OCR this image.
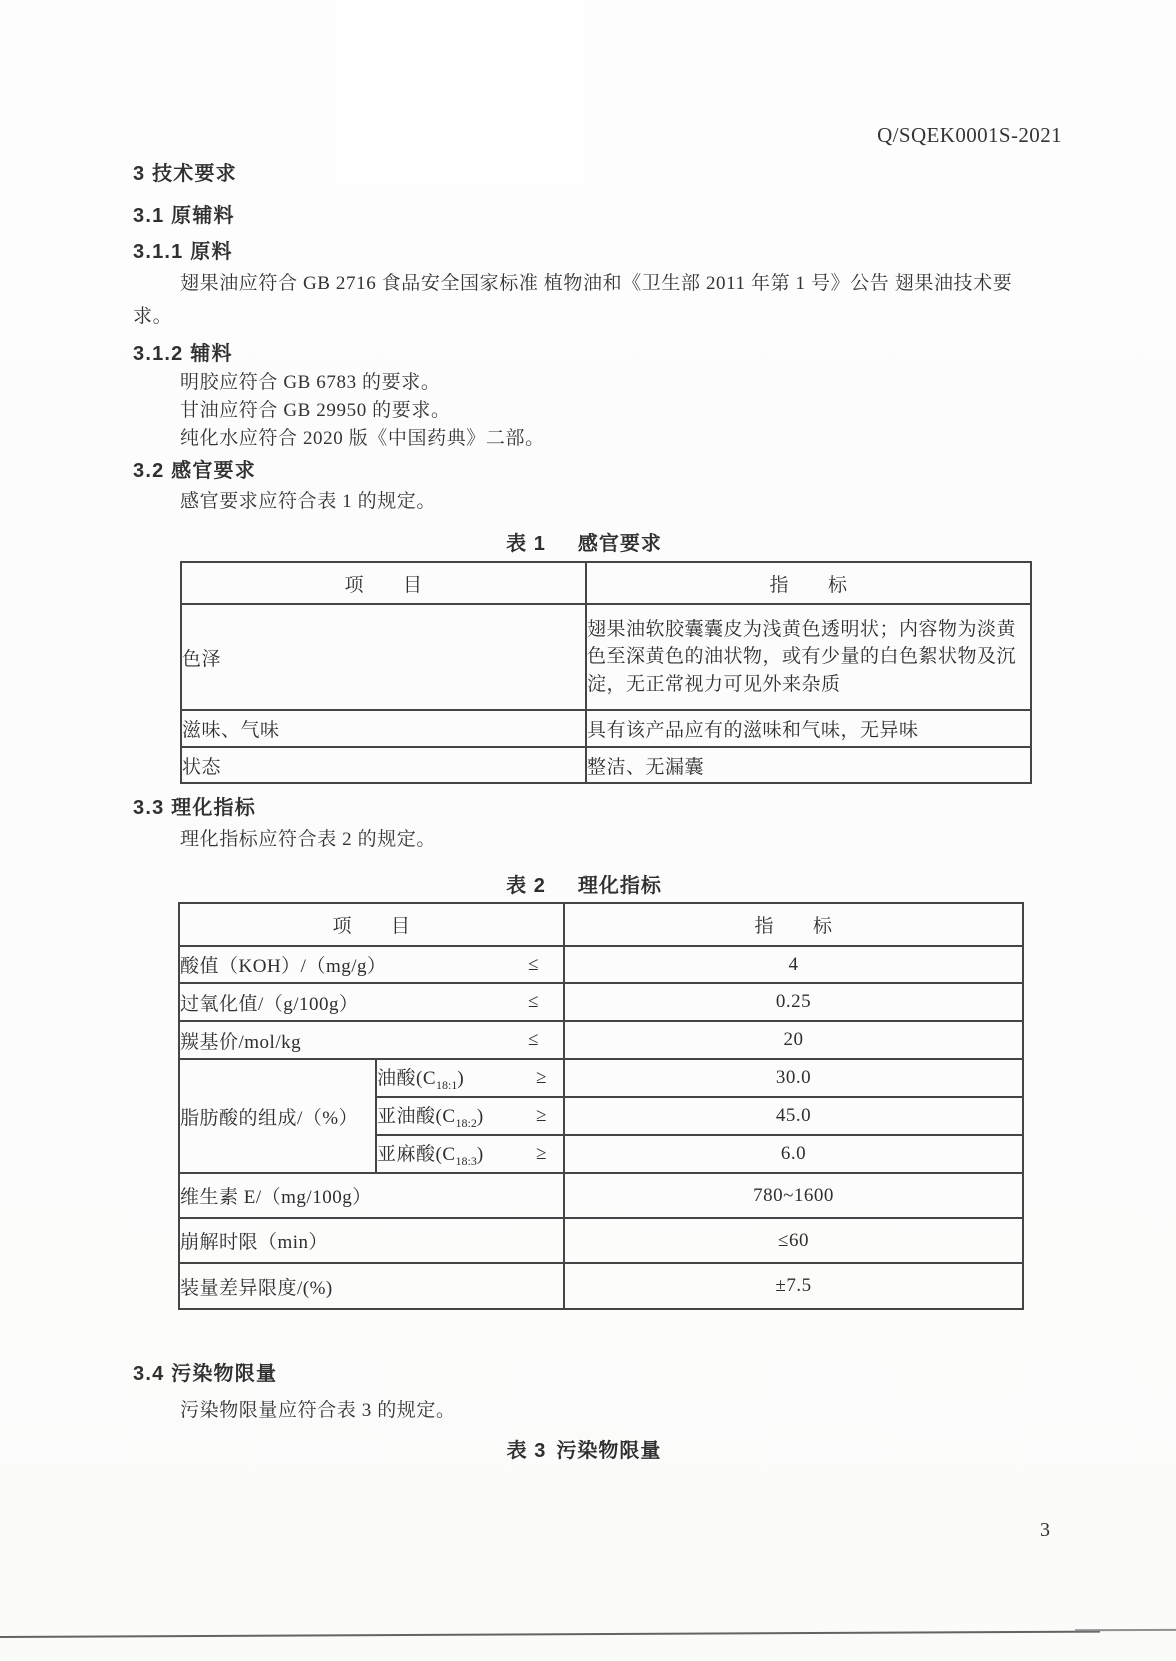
Q/SQEK0001S-2021
3 技术要求
3.1 原辅料
3.1.1 原料
翅果油应符合 GB 2716 食品安全国家标准 植物油和《卫生部 2011 年第 1 号》公告 翅果油技术要
求。
3.1.2 辅料
明胶应符合 GB 6783 的要求。
甘油应符合 GB 29950 的要求。
纯化水应符合 2020 版《中国药典》二部。
3.2 感官要求
感官要求应符合表 1 的规定。
表 1 感官要求
项　　目	指　　标
色泽	翅果油软胶囊囊皮为浅黄色透明状；内容物为淡黄色至深黄色的油状物，或有少量的白色絮状物及沉淀，无正常视力可见外来杂质
滋味、气味	具有该产品应有的滋味和气味，无异味
状态	整洁、无漏囊
3.3 理化指标
理化指标应符合表 2 的规定。
表 2 理化指标
项　　目		指　　标
酸值（KOH）/（mg/g） ≤		4
过氧化值/（g/100g） ≤		0.25
羰基价/mol/kg ≤		20
脂肪酸的组成/（%）	油酸$(C_{18:1})$ ≥	30.0
	亚油酸$(C_{18:2})$ ≥	45.0
	亚麻酸$(C_{18:3})$ ≥	6.0
维生素 E/（mg/100g）		780~1600
崩解时限（min）		≤60
装量差异限度/(%)		±7.5
3.4 污染物限量
污染物限量应符合表 3 的规定。
表 3 污染物限量
3
